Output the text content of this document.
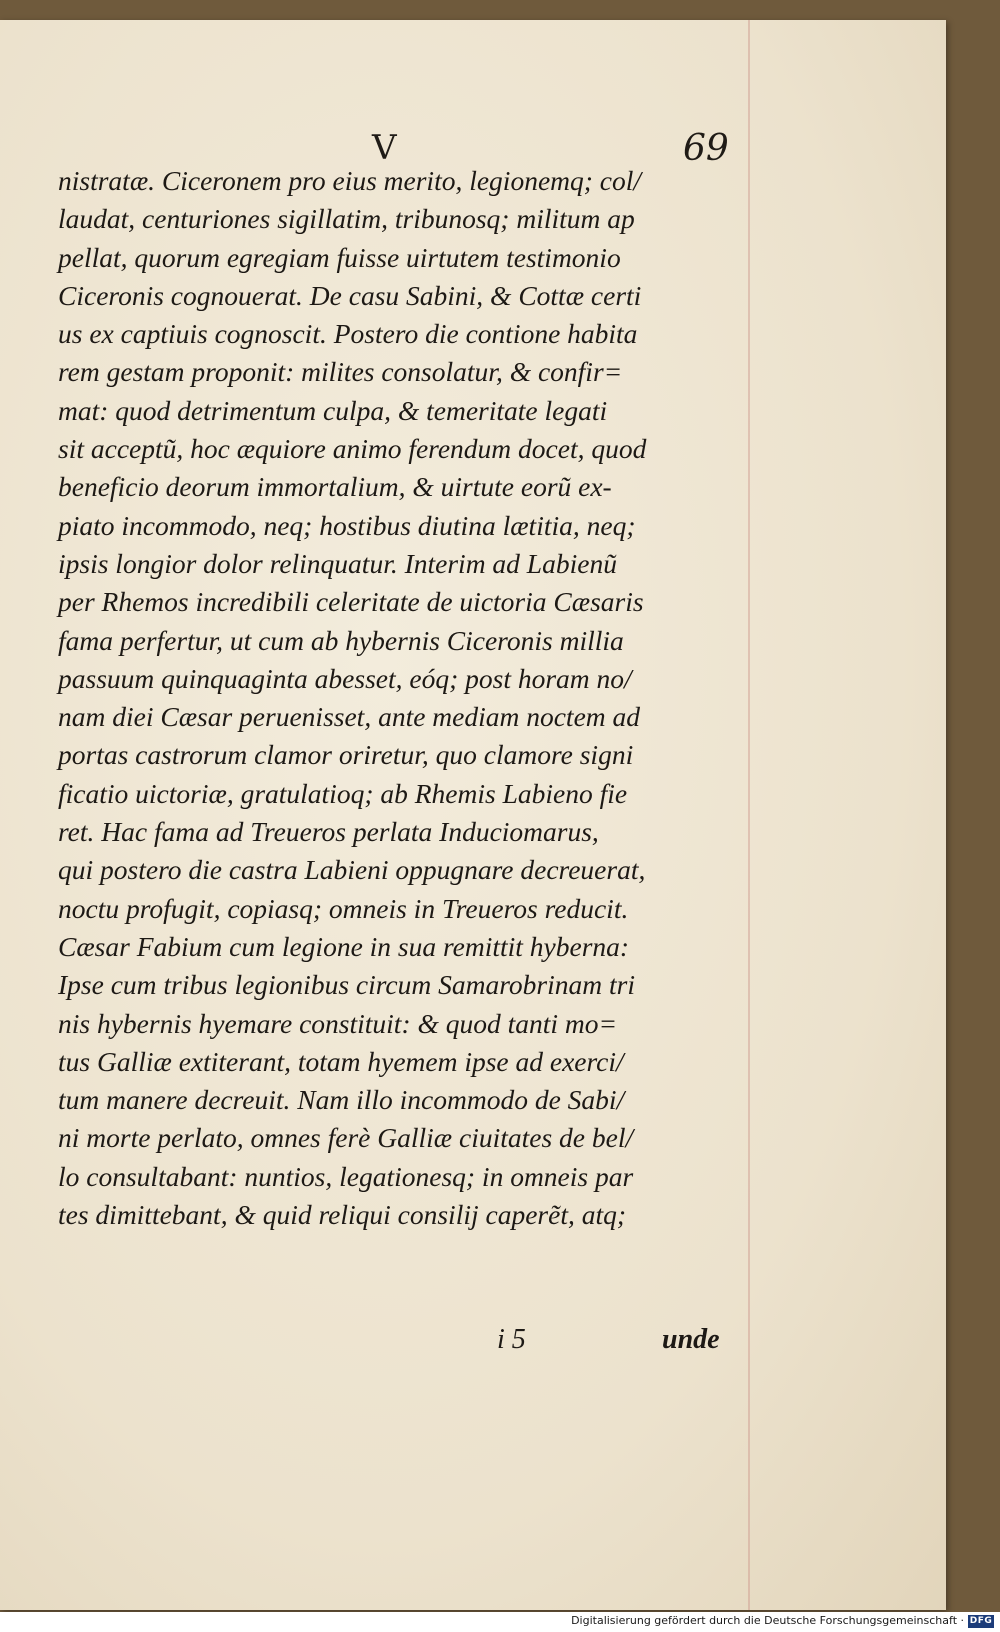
V	69
nistratæ. Ciceronem pro eius merito, legionemq; col/
laudat, centuriones sigillatim, tribunosq; militum ap
pellat, quorum egregiam fuisse uirtutem testimonio
Ciceronis cognouerat. De casu Sabini, & Cottæ certi
us ex captiuis cognoscit. Postero die contione habita
rem gestam proponit: milites consolatur, & confir=
mat: quod detrimentum culpa, & temeritate legati
sit acceptũ, hoc æquiore animo ferendum docet, quod
beneficio deorum immortalium, & uirtute eorũ ex-
piato incommodo, neq; hostibus diutina lætitia, neq;
ipsis longior dolor relinquatur. Interim ad Labienũ
per Rhemos incredibili celeritate de uictoria Cæsaris
fama perfertur, ut cum ab hybernis Ciceronis millia
passuum quinquaginta abesset, eóq; post horam no/
nam diei Cæsar peruenisset, ante mediam noctem ad
portas castrorum clamor oriretur, quo clamore signi
ficatio uictoriæ, gratulatioq; ab Rhemis Labieno fie
ret. Hac fama ad Treueros perlata Induciomarus,
qui postero die castra Labieni oppugnare decreuerat,
noctu profugit, copiasq; omneis in Treueros reducit.
Cæsar Fabium cum legione in sua remittit hyberna:
Ipse cum tribus legionibus circum Samarobrinam tri
nis hybernis hyemare constituit: & quod tanti mo=
tus Galliæ extiterant, totam hyemem ipse ad exerci/
tum manere decreuit. Nam illo incommodo de Sabi/
ni morte perlato, omnes ferè Galliæ ciuitates de bel/
lo consultabant: nuntios, legationesq; in omneis par
tes dimittebant, & quid reliqui consilij caperẽt, atq;
i 5	unde
Digitalisierung gefördert durch die Deutsche Forschungsgemeinschaft · DFG
